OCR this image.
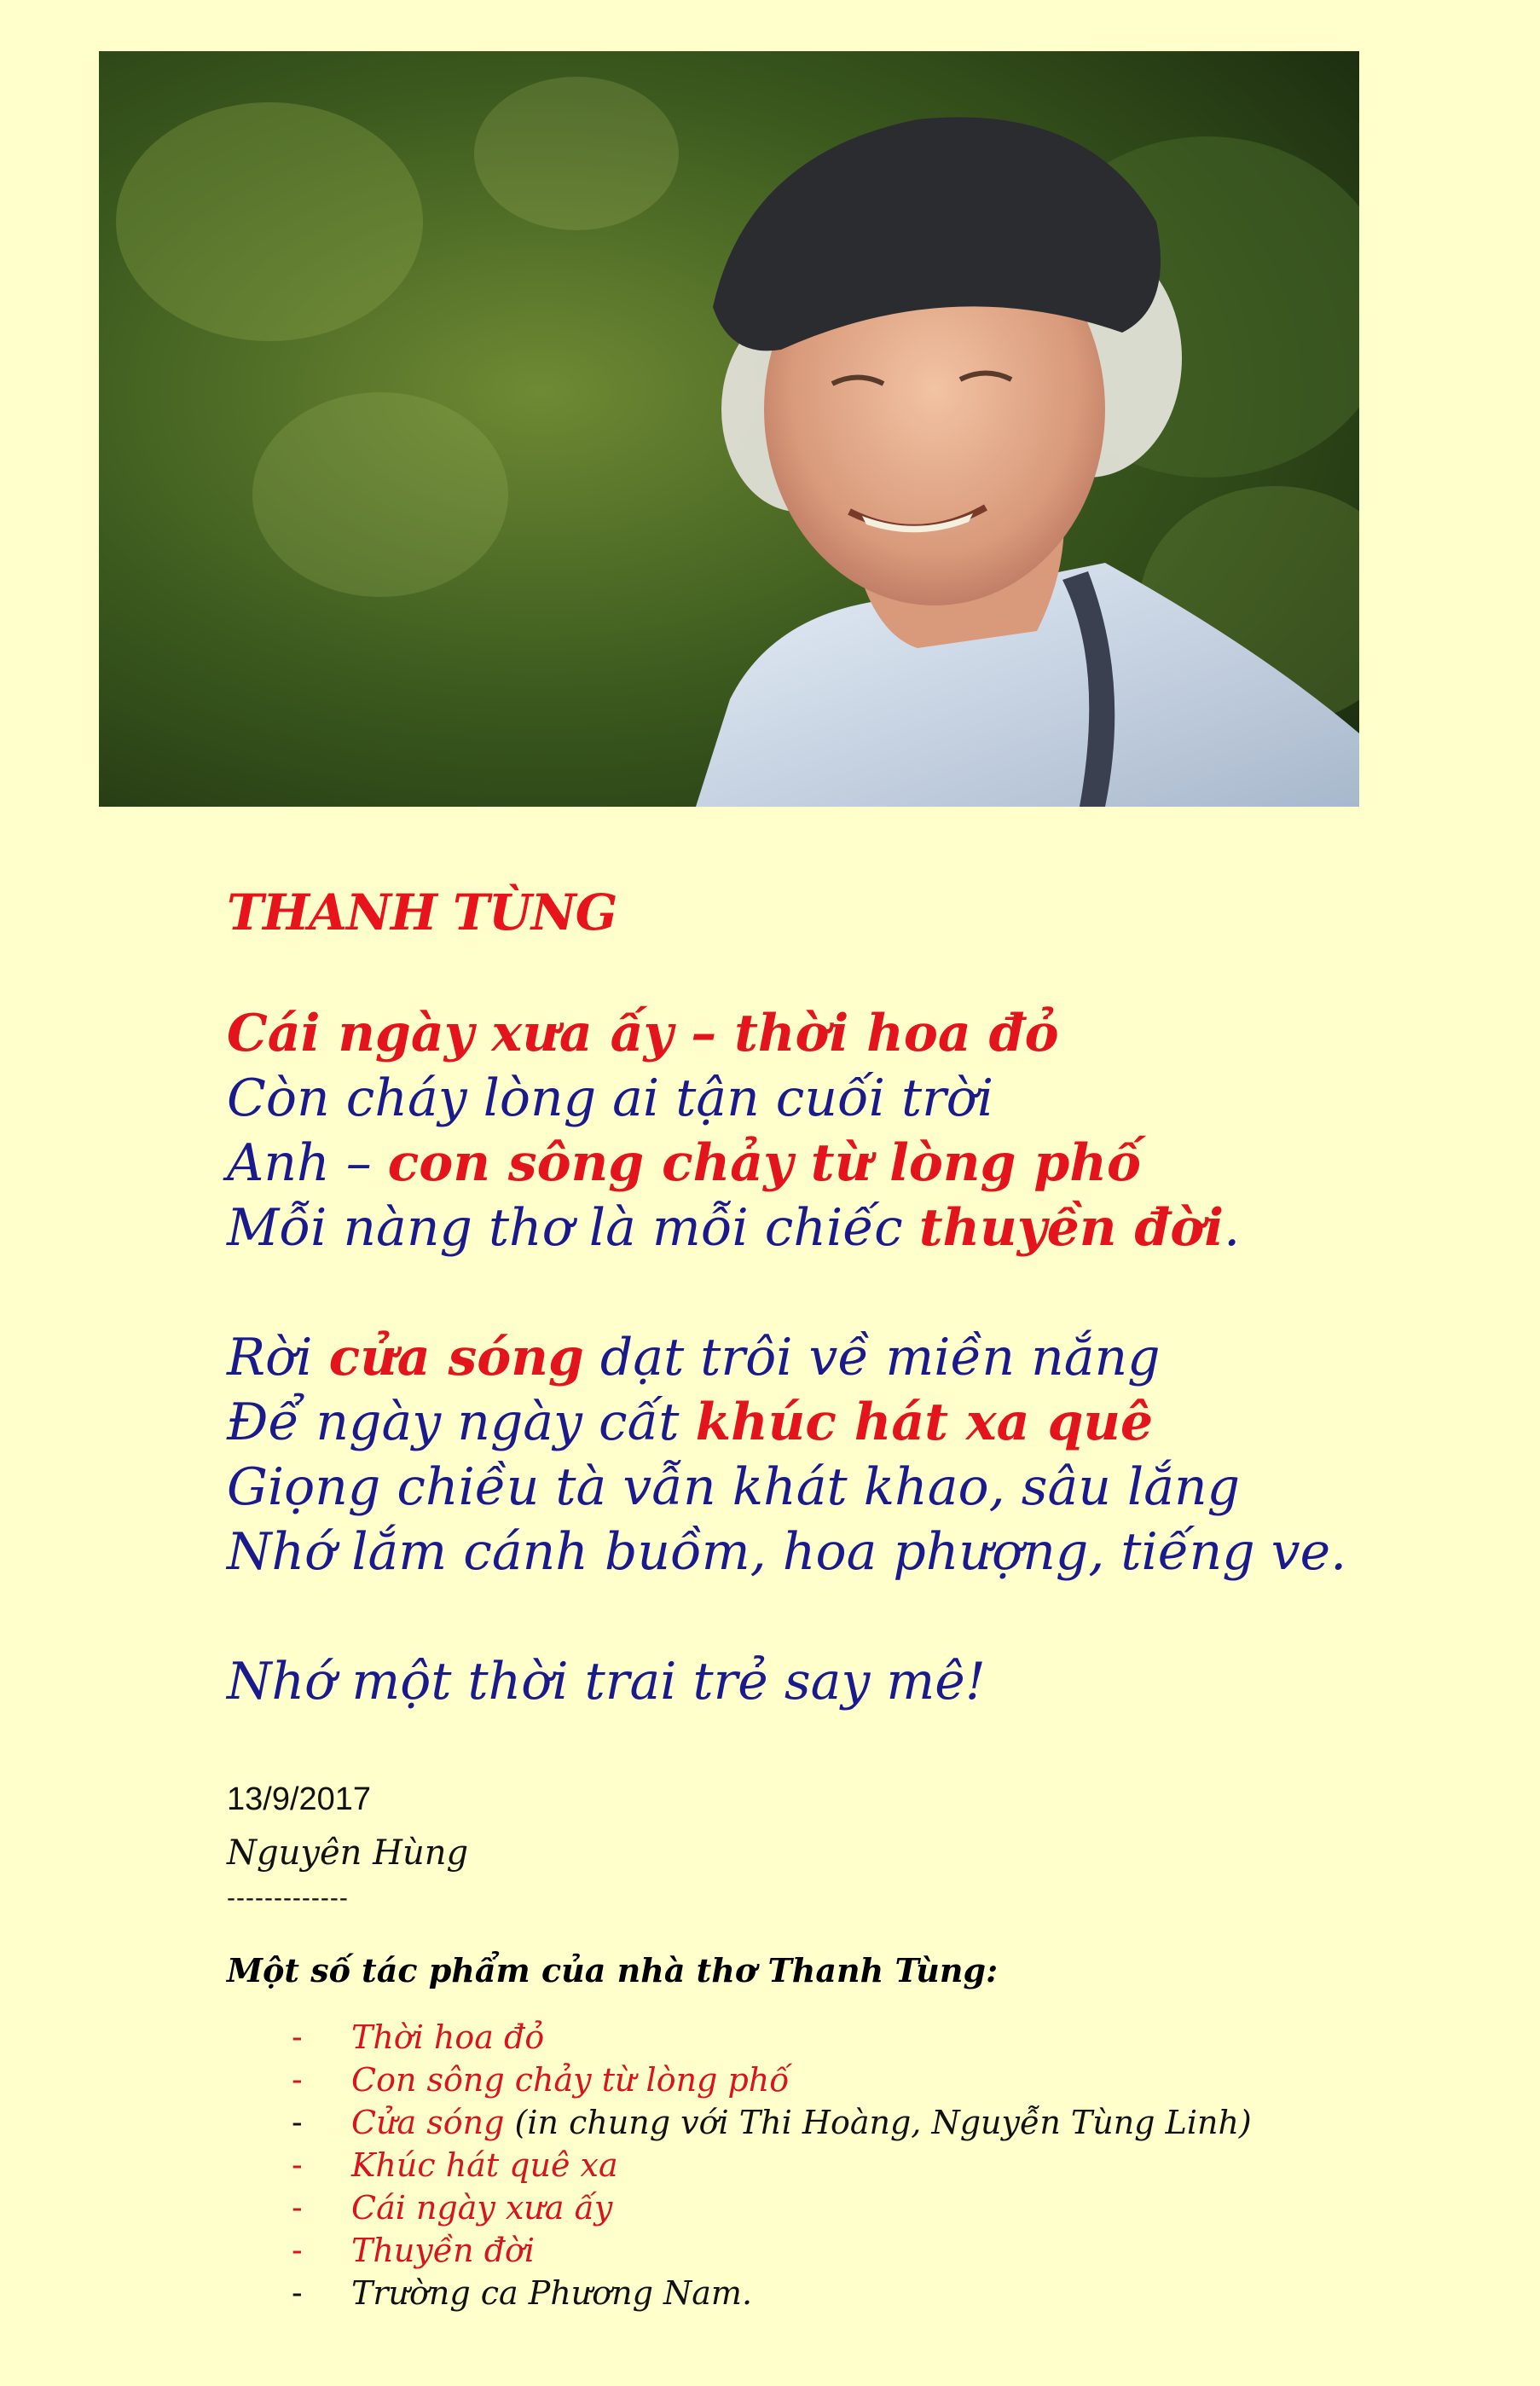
THANH TÙNG
Cái ngày xưa ấy – thời hoa đỏ
Còn cháy lòng ai tận cuối trời
Anh – con sông chảy từ lòng phố
Mỗi nàng thơ là mỗi chiếc thuyền đời.
Rời cửa sóng dạt trôi về miền nắng
Để ngày ngày cất khúc hát xa quê
Giọng chiều tà vẫn khát khao, sâu lắng
Nhớ lắm cánh buồm, hoa phượng, tiếng ve.
Nhớ một thời trai trẻ say mê!
13/9/2017
Nguyên Hùng
-------------
Một số tác phẩm của nhà thơ Thanh Tùng:
- Thời hoa đỏ
- Con sông chảy từ lòng phố
- Cửa sóng (in chung với Thi Hoàng, Nguyễn Tùng Linh)
- Khúc hát quê xa
- Cái ngày xưa ấy
- Thuyền đời
- Trường ca Phương Nam.
